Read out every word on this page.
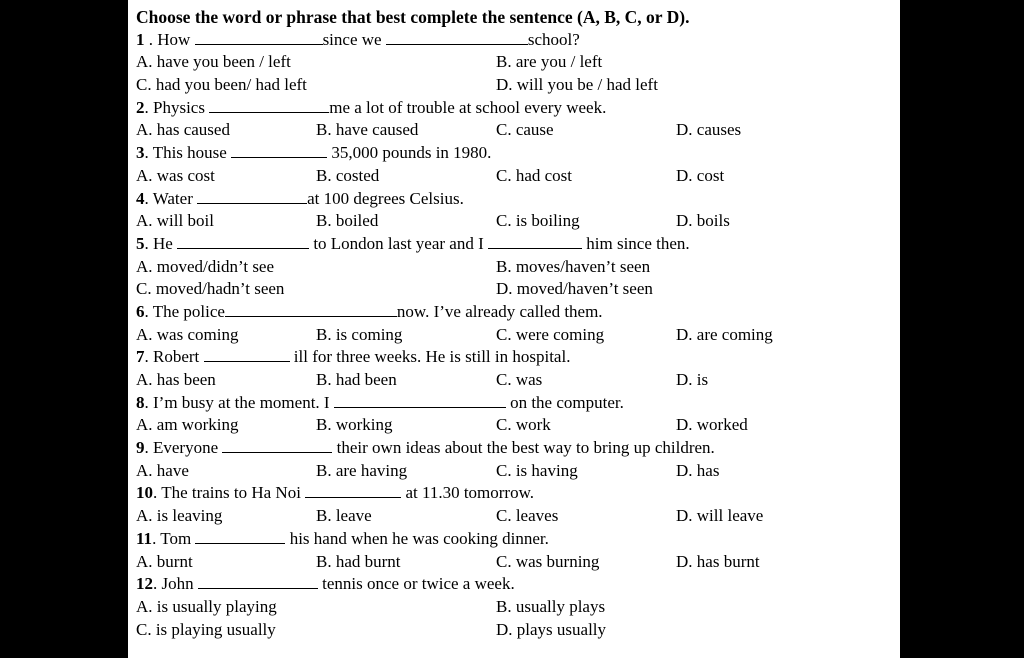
Choose the word or phrase that best complete the sentence (A, B, C, or D).
1 . How	since we	school?
A. have you been / left	B. are you / left
C. had you been/ had left	D. will you be / had left
2. Physics	me a lot of trouble at school every week.
A. has caused	B. have caused	C. cause	D. causes
3. This house	35,000 pounds in 1980.
A. was cost	B. costed	C. had cost	D. cost
4. Water	at 100 degrees Celsius.
A. will boil	B. boiled	C. is boiling	D. boils
5. He	to London last year and I	him since then.
A. moved/didn’t see	B. moves/haven’t seen
C. moved/hadn’t seen	D. moved/haven’t seen
6. The police	now. I’ve already called them.
A. was coming	B. is coming	C. were coming	D. are coming
7. Robert	ill for three weeks. He is still in hospital.
A. has been	B. had been	C. was	D. is
8. I’m busy at the moment. I	on the computer.
A. am working	B. working	C. work	D. worked
9. Everyone	their own ideas about the best way to bring up children.
A. have	B. are having	C. is having	D. has
10. The trains to Ha Noi	at 11.30 tomorrow.
A. is leaving	B. leave	C. leaves	D. will leave
11. Tom	his hand when he was cooking dinner.
A. burnt	B. had burnt	C. was burning	D. has burnt
12. John	tennis once or twice a week.
A. is usually playing	B. usually plays
C. is playing usually	D. plays usually
